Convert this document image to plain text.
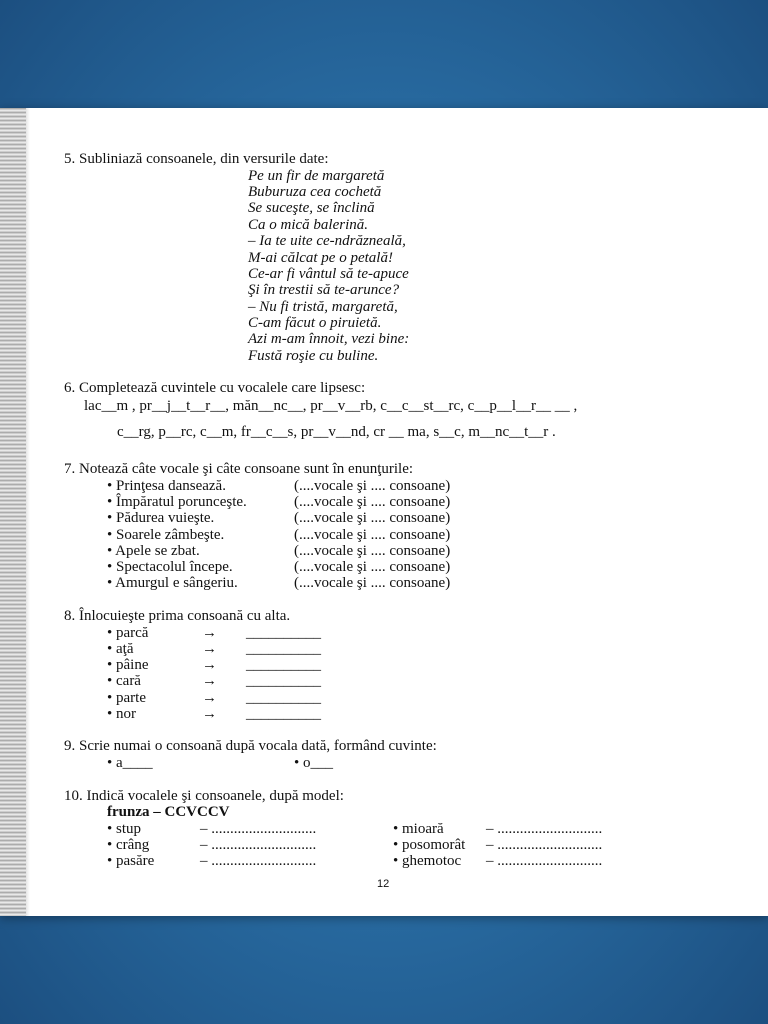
5. Subliniază consoanele, din versurile date:
Pe un fir de margaretă
Buburuza cea cochetă
Se suceşte, se înclină
Ca o mică balerină.
– Ia te uite ce-ndrăzneală,
M-ai călcat pe o petală!
Ce-ar fi vântul să te-apuce
Şi în trestii să te-arunce?
– Nu fi tristă, margaretă,
C-am făcut o piruietă.
Azi m-am înnoit, vezi bine:
Fustă roşie cu buline.
6. Completează cuvintele cu vocalele care lipsesc:
lac__m , pr__j__t__r__, măn__nc__, pr__v__rb, c__c__st__rc, c__p__l__r__ __ ,
c__rg, p__rc, c__m, fr__c__s, pr__v__nd, cr __ ma, s__c, m__nc__t__r .
7. Notează câte vocale şi câte consoane sunt în enunţurile:
• Prinţesa dansează.	(....vocale şi .... consoane)
• Împăratul porunceşte.	(....vocale şi .... consoane)
• Pădurea vuieşte.	(....vocale şi .... consoane)
• Soarele zâmbeşte.	(....vocale şi .... consoane)
• Apele se zbat.	(....vocale şi .... consoane)
• Spectacolul începe.	(....vocale şi .... consoane)
• Amurgul e sângeriu.	(....vocale şi .... consoane)
8. Înlocuieşte prima consoană cu alta.
• parcă	→ __________
• aţă	→ __________
• pâine	→ __________
• cară	→ __________
• parte	→ __________
• nor	→ __________
9. Scrie numai o consoană după vocala dată, formând cuvinte:
• a____	• o___
10. Indică vocalele şi consoanele, după model:
frunza – CCVCCV
• stup	– ............................	• mioară	– ............................
• crâng	– ............................	• posomorât – ............................
• pasăre	– ............................	• ghemotoc – ............................
12
